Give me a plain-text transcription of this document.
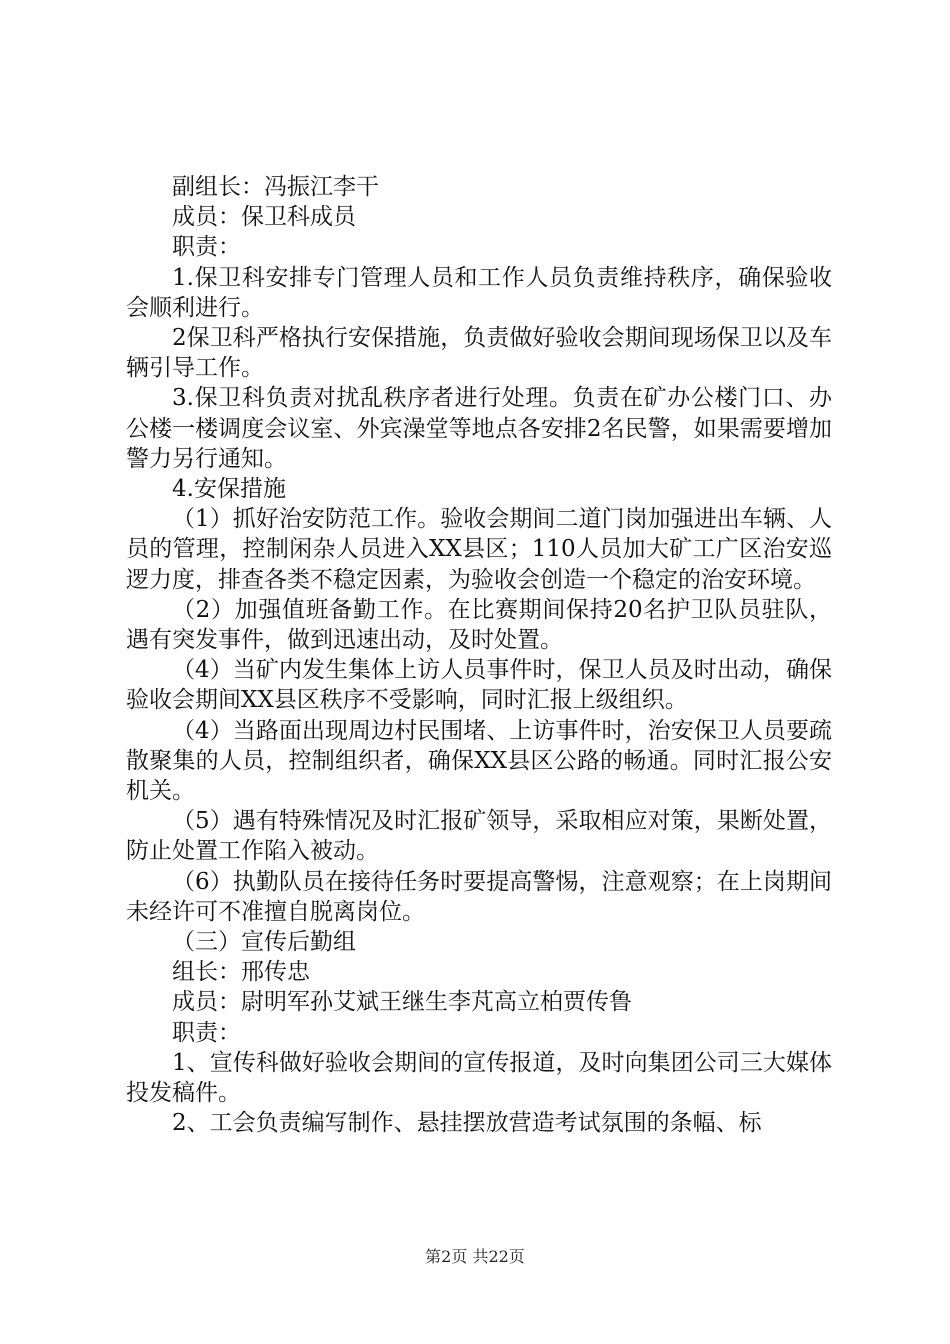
副组长：冯振江李干

成员：保卫科成员

职责：

1.保卫科安排专门管理人员和工作人员负责维持秩序，确保验收会顺利进行。

2保卫科严格执行安保措施，负责做好验收会期间现场保卫以及车辆引导工作。

3.保卫科负责对扰乱秩序者进行处理。负责在矿办公楼门口、办公楼一楼调度会议室、外宾澡堂等地点各安排2名民警，如果需要增加警力另行通知。

4.安保措施

（1）抓好治安防范工作。验收会期间二道门岗加强进出车辆、人员的管理，控制闲杂人员进入XX县区；110人员加大矿工广区治安巡逻力度，排查各类不稳定因素，为验收会创造一个稳定的治安环境。

（2）加强值班备勤工作。在比赛期间保持20名护卫队员驻队，遇有突发事件，做到迅速出动，及时处置。

（4）当矿内发生集体上访人员事件时，保卫人员及时出动，确保验收会期间XX县区秩序不受影响，同时汇报上级组织。

（4）当路面出现周边村民围堵、上访事件时，治安保卫人员要疏散聚集的人员，控制组织者，确保XX县区公路的畅通。同时汇报公安机关。

（5）遇有特殊情况及时汇报矿领导，采取相应对策，果断处置，防止处置工作陷入被动。

（6）执勤队员在接待任务时要提高警惕，注意观察；在上岗期间未经许可不准擅自脱离岗位。

（三）宣传后勤组

组长：邢传忠

成员：尉明军孙艾斌王继生李芃高立柏贾传鲁

职责：

1、宣传科做好验收会期间的宣传报道，及时向集团公司三大媒体投发稿件。

2、工会负责编写制作、悬挂摆放营造考试氛围的条幅、标

第2页 共22页
